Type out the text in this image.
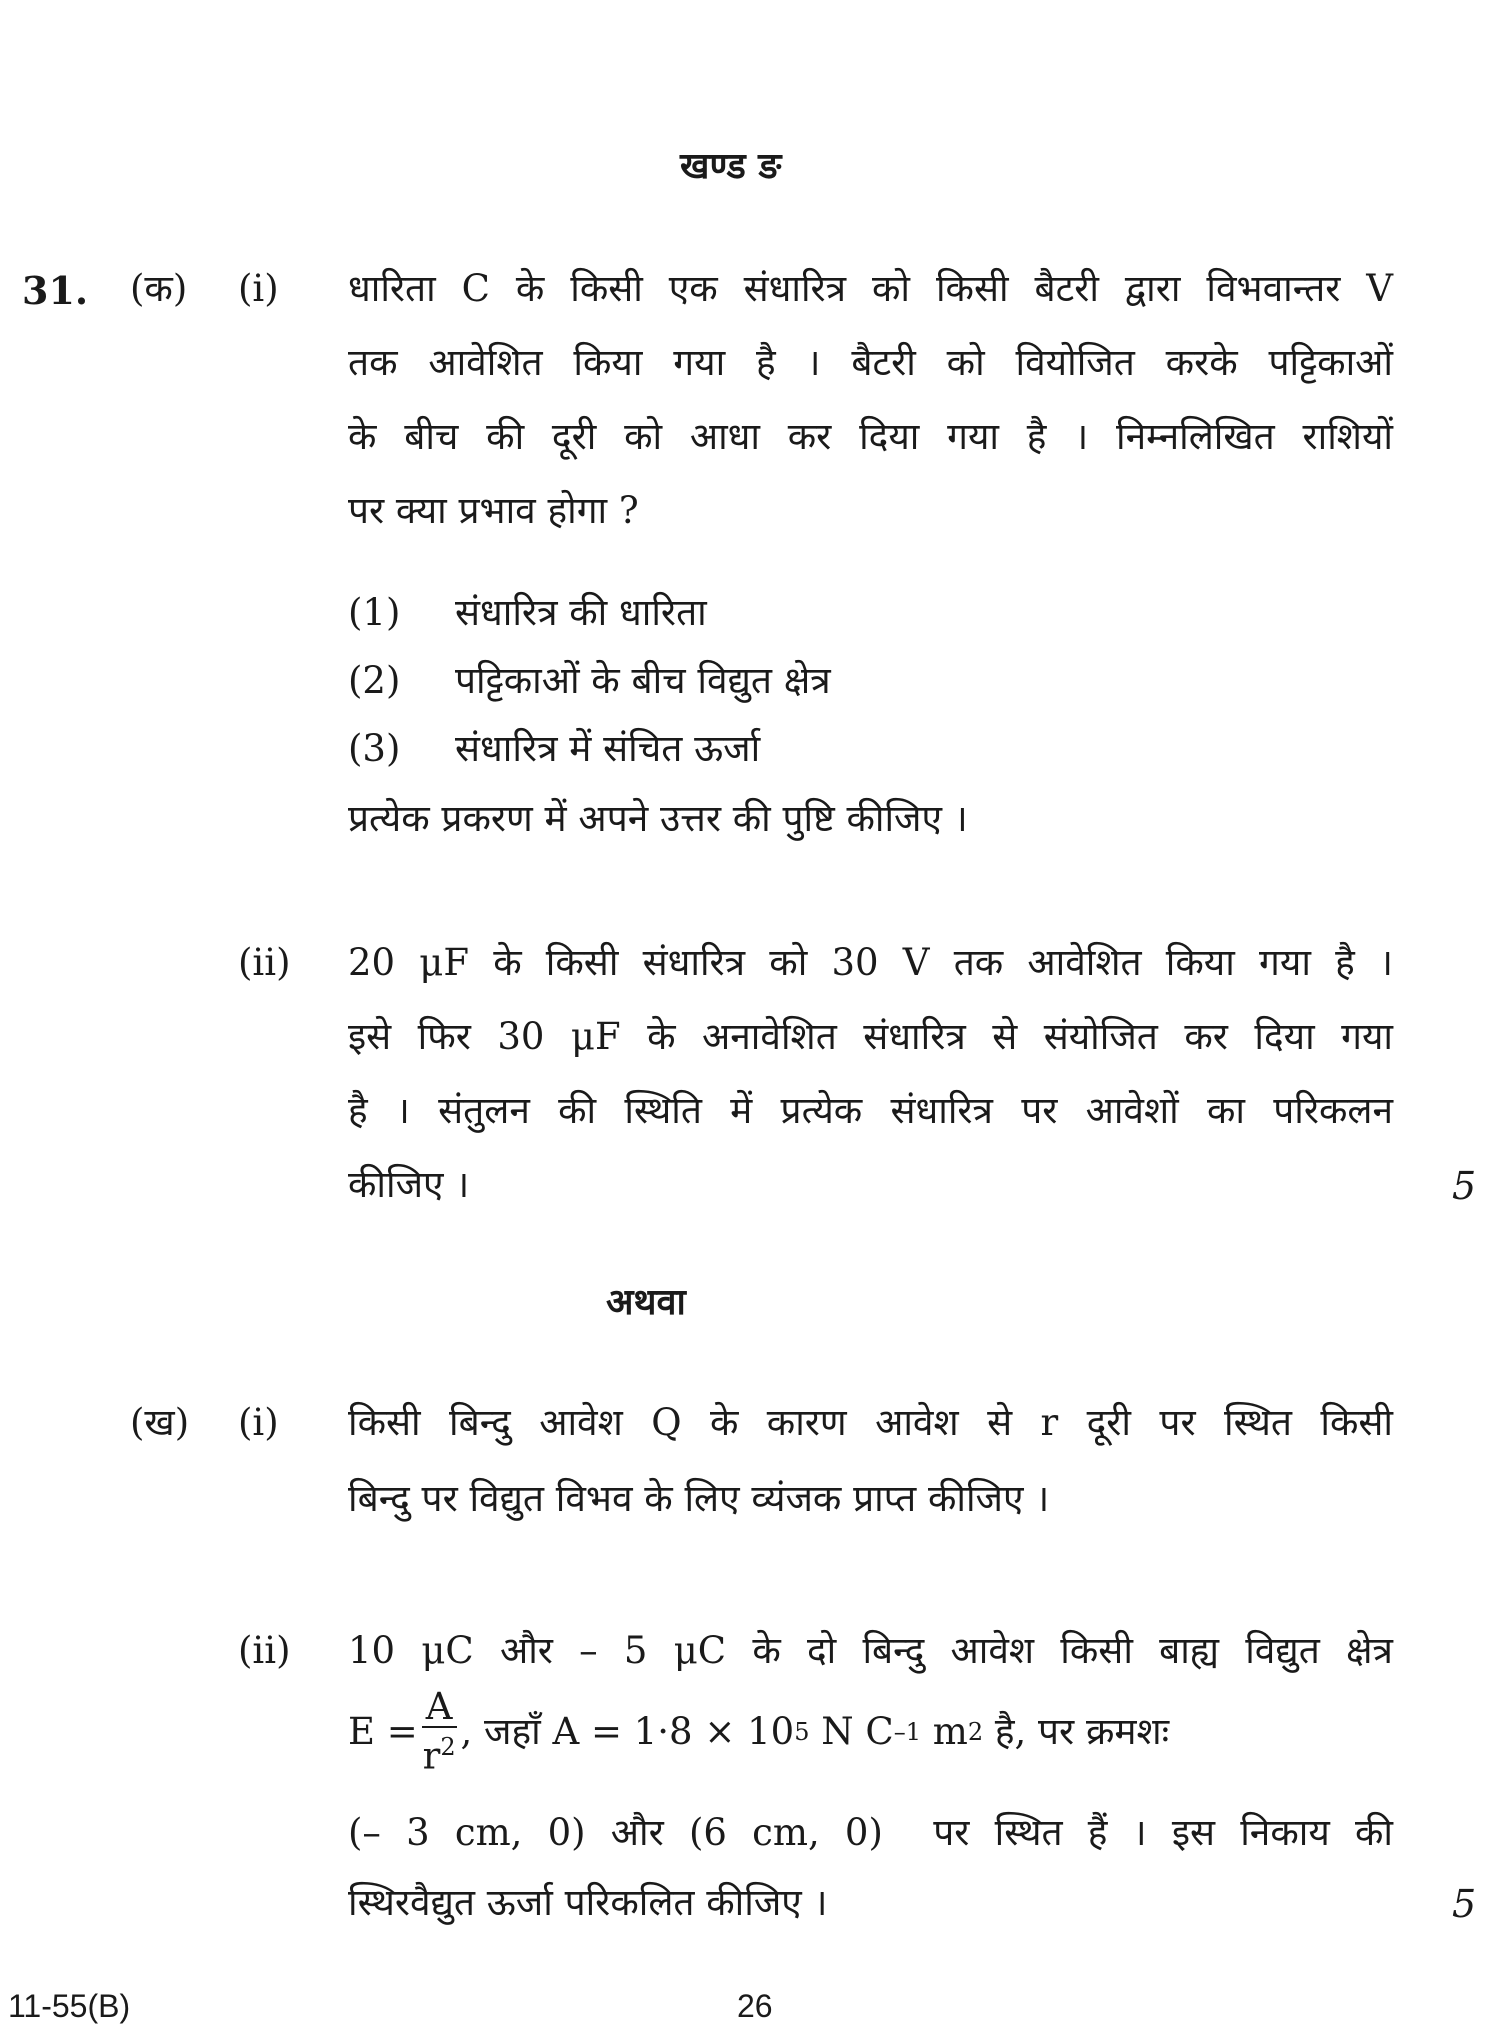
खण्ड ङ
31. (क) (i) धारिता C के किसी एक संधारित्र को किसी बैटरी द्वारा विभवान्तर V
तक आवेशित किया गया है । बैटरी को वियोजित करके पट्टिकाओं
के बीच की दूरी को आधा कर दिया गया है । निम्नलिखित राशियों
पर क्या प्रभाव होगा ?
(1) संधारित्र की धारिता
(2) पट्टिकाओं के बीच विद्युत क्षेत्र
(3) संधारित्र में संचित ऊर्जा
प्रत्येक प्रकरण में अपने उत्तर की पुष्टि कीजिए ।
(ii) 20 μF के किसी संधारित्र को 30 V तक आवेशित किया गया है ।
इसे फिर 30 μF के अनावेशित संधारित्र से संयोजित कर दिया गया
है । संतुलन की स्थिति में प्रत्येक संधारित्र पर आवेशों का परिकलन
कीजिए ।	5
अथवा
(ख) (i) किसी बिन्दु आवेश Q के कारण आवेश से r दूरी पर स्थित किसी
बिन्दु पर विद्युत विभव के लिए व्यंजक प्राप्त कीजिए ।
(ii) 10 μC और – 5 μC के दो बिन्दु आवेश किसी बाह्य विद्युत क्षेत्र
$E = \frac{A}{r^2}$ , जहाँ A = 1·8 × 10 5 N C –1 m 2 है, पर क्रमशः
(– 3 cm, 0) और (6 cm, 0)  पर स्थित हैं । इस निकाय की
स्थिरवैद्युत ऊर्जा परिकलित कीजिए ।	5
11-55(B)	26
